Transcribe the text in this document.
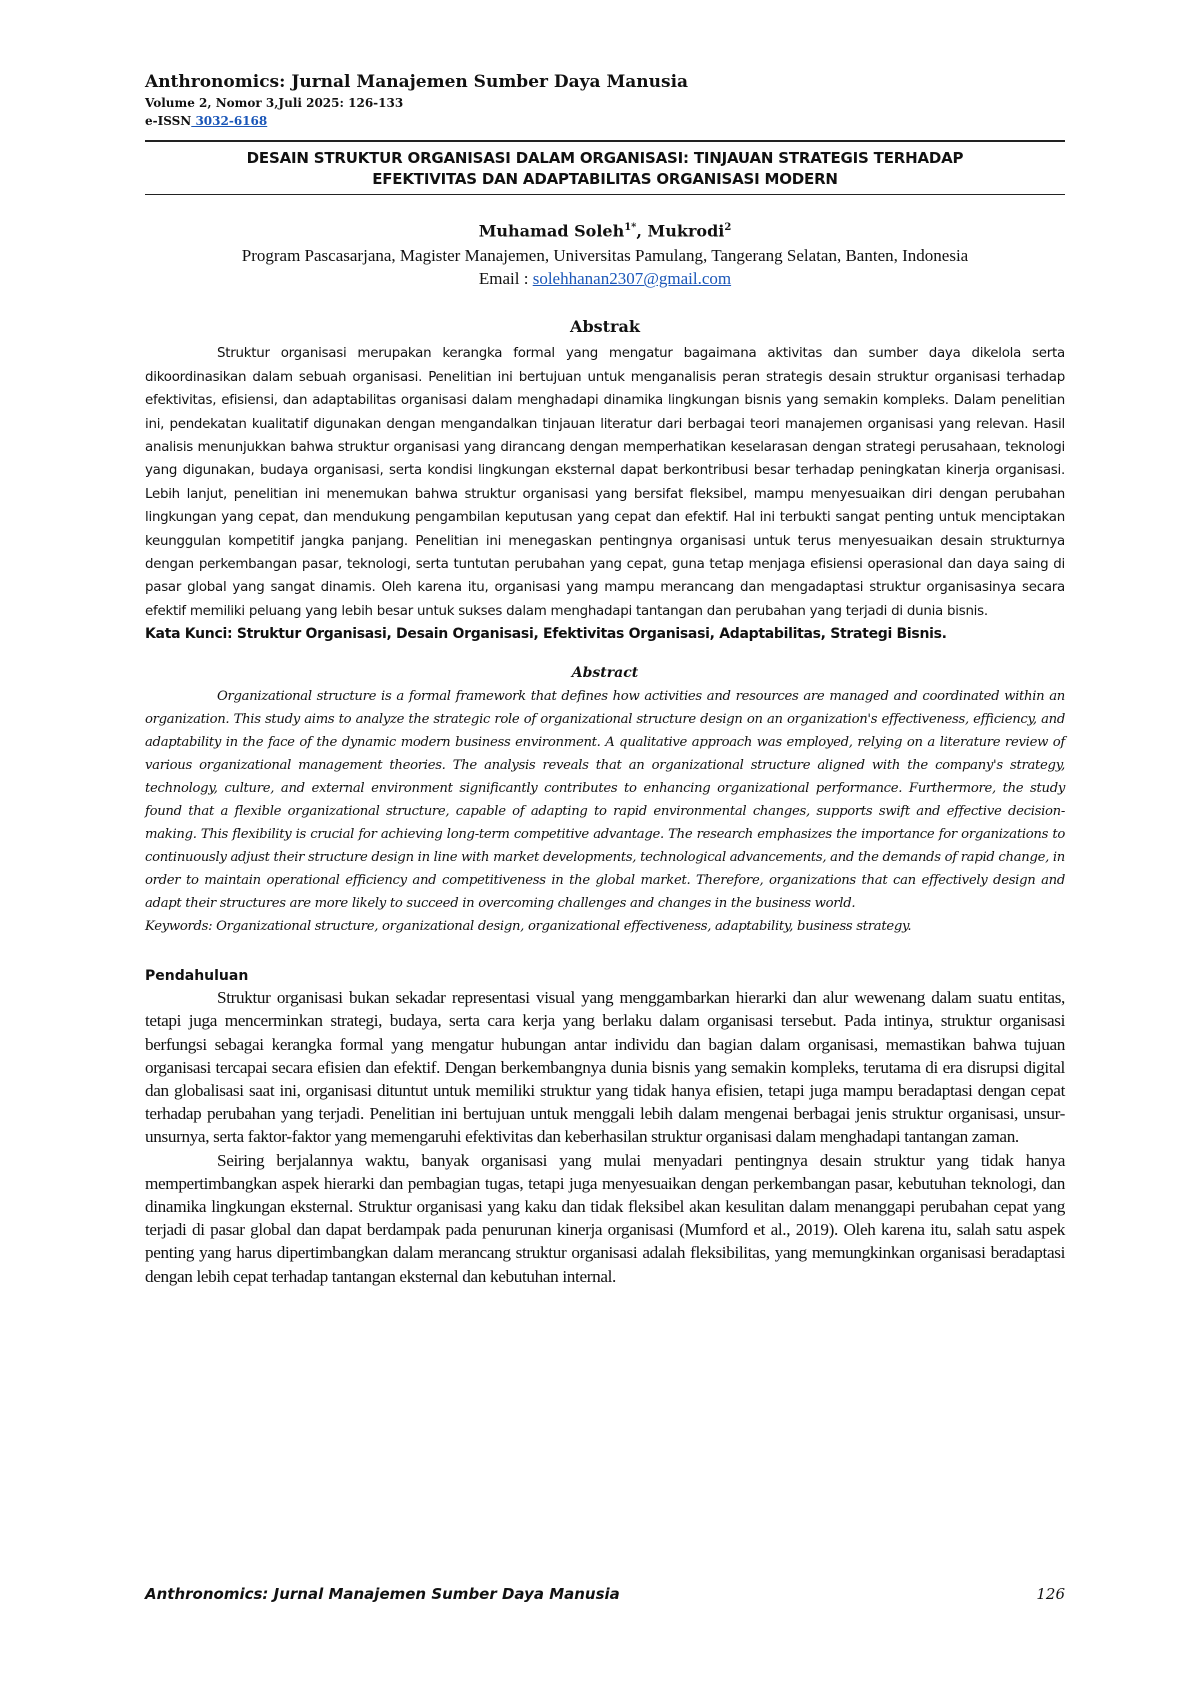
Anthronomics: Jurnal Manajemen Sumber Daya Manusia

Volume 2, Nomor 3,Juli 2025: 126-133

e-ISSN 3032-6168

DESAIN STRUKTUR ORGANISASI DALAM ORGANISASI: TINJAUAN STRATEGIS TERHADAP

EFEKTIVITAS DAN ADAPTABILITAS ORGANISASI MODERN

Muhamad Soleh$^{1*}$, Mukrodi$^2$

Program Pascasarjana, Magister Manajemen, Universitas Pamulang, Tangerang Selatan, Banten, Indonesia

Email : solehhanan2307@gmail.com

Abstrak

Struktur organisasi merupakan kerangka formal yang mengatur bagaimana aktivitas dan sumber daya dikelola serta dikoordinasikan dalam sebuah organisasi. Penelitian ini bertujuan untuk menganalisis peran strategis desain struktur organisasi terhadap efektivitas, efisiensi, dan adaptabilitas organisasi dalam menghadapi dinamika lingkungan bisnis yang semakin kompleks. Dalam penelitian ini, pendekatan kualitatif digunakan dengan mengandalkan tinjauan literatur dari berbagai teori manajemen organisasi yang relevan. Hasil analisis menunjukkan bahwa struktur organisasi yang dirancang dengan memperhatikan keselarasan dengan strategi perusahaan, teknologi yang digunakan, budaya organisasi, serta kondisi lingkungan eksternal dapat berkontribusi besar terhadap peningkatan kinerja organisasi. Lebih lanjut, penelitian ini menemukan bahwa struktur organisasi yang bersifat fleksibel, mampu menyesuaikan diri dengan perubahan lingkungan yang cepat, dan mendukung pengambilan keputusan yang cepat dan efektif. Hal ini terbukti sangat penting untuk menciptakan keunggulan kompetitif jangka panjang. Penelitian ini menegaskan pentingnya organisasi untuk terus menyesuaikan desain strukturnya dengan perkembangan pasar, teknologi, serta tuntutan perubahan yang cepat, guna tetap menjaga efisiensi operasional dan daya saing di pasar global yang sangat dinamis. Oleh karena itu, organisasi yang mampu merancang dan mengadaptasi struktur organisasinya secara efektif memiliki peluang yang lebih besar untuk sukses dalam menghadapi tantangan dan perubahan yang terjadi di dunia bisnis.

Kata Kunci: Struktur Organisasi, Desain Organisasi, Efektivitas Organisasi, Adaptabilitas, Strategi Bisnis.

Abstract

Organizational structure is a formal framework that defines how activities and resources are managed and coordinated within an organization. This study aims to analyze the strategic role of organizational structure design on an organization's effectiveness, efficiency, and adaptability in the face of the dynamic modern business environment. A qualitative approach was employed, relying on a literature review of various organizational management theories. The analysis reveals that an organizational structure aligned with the company's strategy, technology, culture, and external environment significantly contributes to enhancing organizational performance. Furthermore, the study found that a flexible organizational structure, capable of adapting to rapid environmental changes, supports swift and effective decision-making. This flexibility is crucial for achieving long-term competitive advantage. The research emphasizes the importance for organizations to continuously adjust their structure design in line with market developments, technological advancements, and the demands of rapid change, in order to maintain operational efficiency and competitiveness in the global market. Therefore, organizations that can effectively design and adapt their structures are more likely to succeed in overcoming challenges and changes in the business world.

Keywords: Organizational structure, organizational design, organizational effectiveness, adaptability, business strategy.

Pendahuluan

Struktur organisasi bukan sekadar representasi visual yang menggambarkan hierarki dan alur wewenang dalam suatu entitas, tetapi juga mencerminkan strategi, budaya, serta cara kerja yang berlaku dalam organisasi tersebut. Pada intinya, struktur organisasi berfungsi sebagai kerangka formal yang mengatur hubungan antar individu dan bagian dalam organisasi, memastikan bahwa tujuan organisasi tercapai secara efisien dan efektif. Dengan berkembangnya dunia bisnis yang semakin kompleks, terutama di era disrupsi digital dan globalisasi saat ini, organisasi dituntut untuk memiliki struktur yang tidak hanya efisien, tetapi juga mampu beradaptasi dengan cepat terhadap perubahan yang terjadi. Penelitian ini bertujuan untuk menggali lebih dalam mengenai berbagai jenis struktur organisasi, unsur-unsurnya, serta faktor-faktor yang memengaruhi efektivitas dan keberhasilan struktur organisasi dalam menghadapi tantangan zaman.

Seiring berjalannya waktu, banyak organisasi yang mulai menyadari pentingnya desain struktur yang tidak hanya mempertimbangkan aspek hierarki dan pembagian tugas, tetapi juga menyesuaikan dengan perkembangan pasar, kebutuhan teknologi, dan dinamika lingkungan eksternal. Struktur organisasi yang kaku dan tidak fleksibel akan kesulitan dalam menanggapi perubahan cepat yang terjadi di pasar global dan dapat berdampak pada penurunan kinerja organisasi (Mumford et al., 2019). Oleh karena itu, salah satu aspek penting yang harus dipertimbangkan dalam merancang struktur organisasi adalah fleksibilitas, yang memungkinkan organisasi beradaptasi dengan lebih cepat terhadap tantangan eksternal dan kebutuhan internal.

Anthronomics: Jurnal Manajemen Sumber Daya Manusia	126
